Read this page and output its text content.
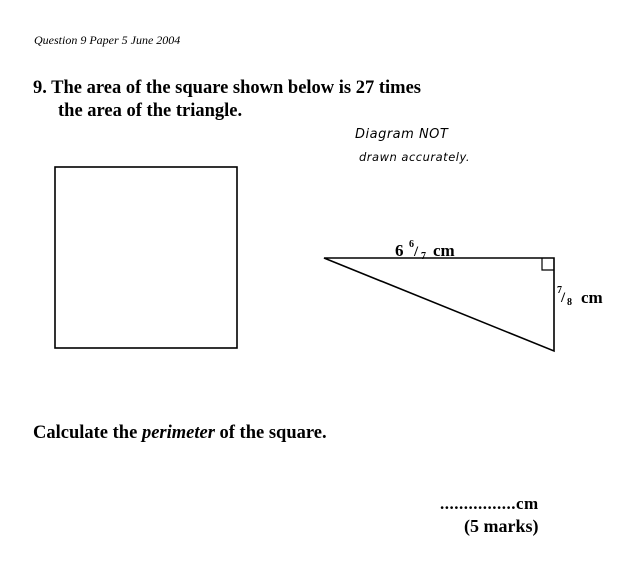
Question 9 Paper 5 June 2004
9. The area of the square shown below is 27 times
the area of the triangle.
Diagram NOT
drawn accurately.
6 6 / 7 cm
7 / 8 cm
Calculate the perimeter of the square.
................cm
(5 marks)
